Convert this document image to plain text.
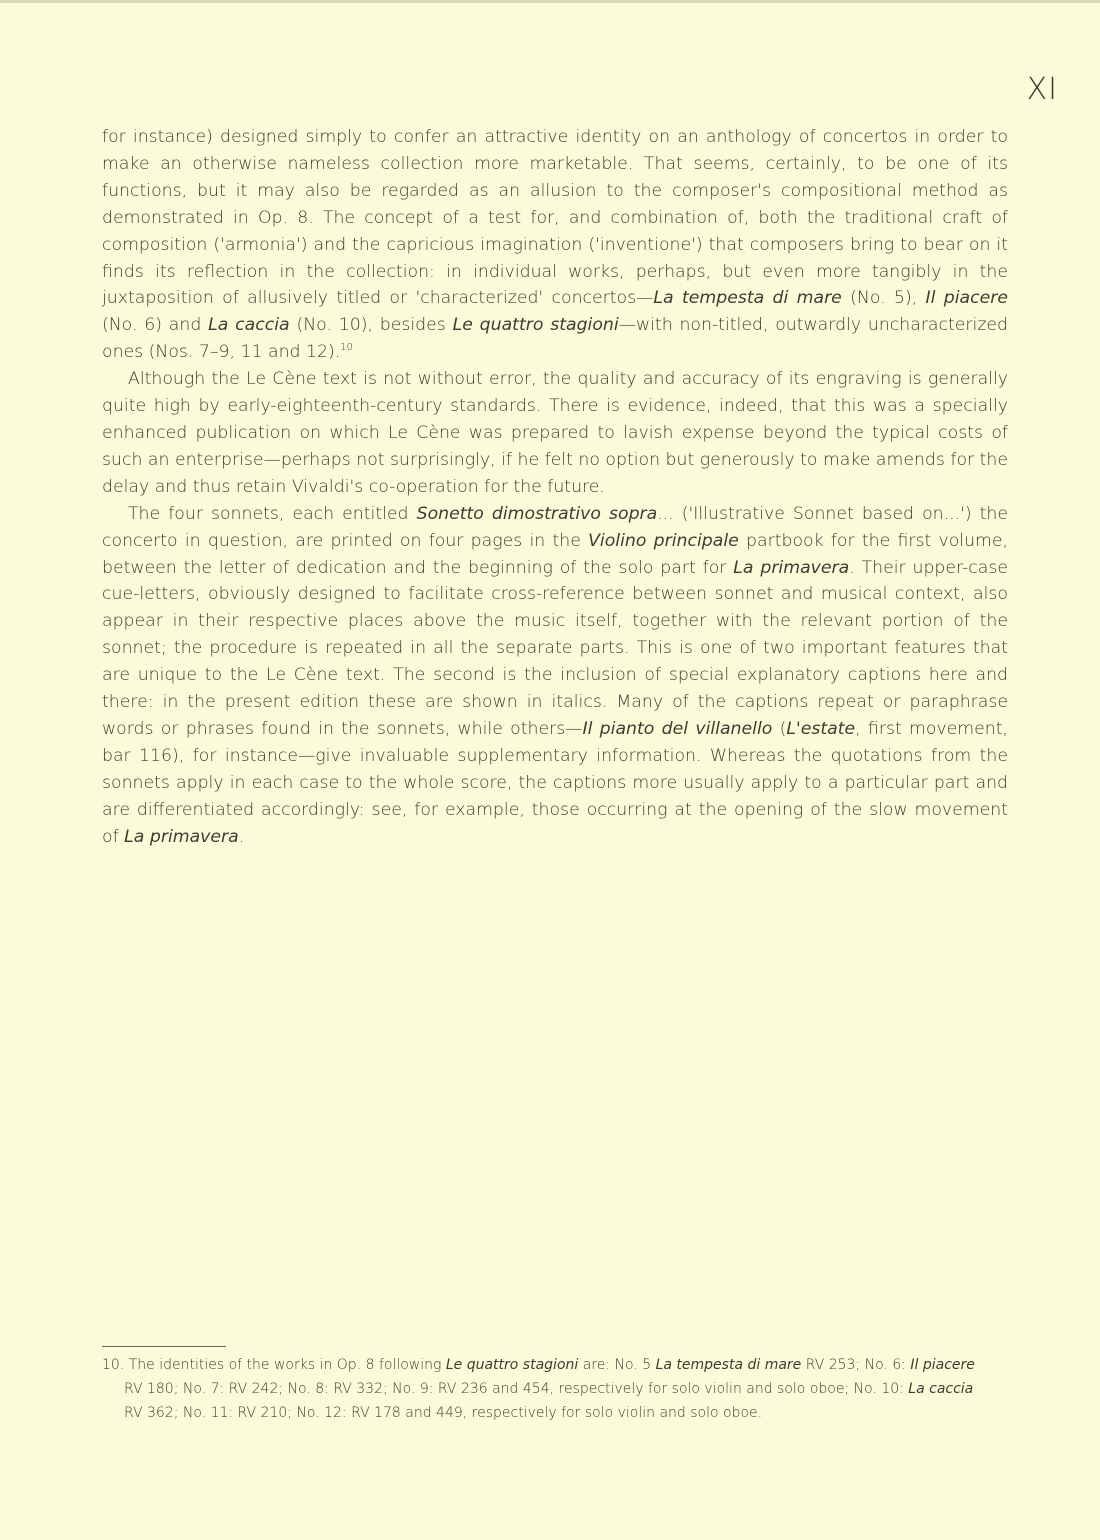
XI

for instance) designed simply to confer an attractive identity on an anthology of concertos in order to make an otherwise nameless collection more marketable. That seems, certainly, to be one of its functions, but it may also be regarded as an allusion to the composer's compositional method as demonstrated in Op. 8. The concept of a test for, and combination of, both the traditional craft of composition ('armonia') and the capricious imagination ('inventione') that composers bring to bear on it finds its reflection in the collection: in individual works, perhaps, but even more tangibly in the juxtaposition of allusively titled or 'characterized' concertos—La tempesta di mare (No. 5), Il piacere (No. 6) and La caccia (No. 10), besides Le quattro stagioni—with non-titled, outwardly uncharacterized ones (Nos. 7–9, 11 and 12).$^{10}$

Although the Le Cène text is not without error, the quality and accuracy of its engraving is generally quite high by early-eighteenth-century standards. There is evidence, indeed, that this was a specially enhanced publication on which Le Cène was prepared to lavish expense beyond the typical costs of such an enterprise—perhaps not surprisingly, if he felt no option but generously to make amends for the delay and thus retain Vivaldi's co-operation for the future.

The four sonnets, each entitled Sonetto dimostrativo sopra... ('Illustrative Sonnet based on...') the concerto in question, are printed on four pages in the Violino principale partbook for the first volume, between the letter of dedication and the beginning of the solo part for La primavera. Their upper-case cue-letters, obviously designed to facilitate cross-reference between sonnet and musical context, also appear in their respective places above the music itself, together with the relevant portion of the sonnet; the procedure is repeated in all the separate parts. This is one of two important features that are unique to the Le Cène text. The second is the inclusion of special explanatory captions here and there: in the present edition these are shown in italics. Many of the captions repeat or paraphrase words or phrases found in the sonnets, while others—Il pianto del villanello (L'estate, first movement, bar 116), for instance—give invaluable supplementary information. Whereas the quotations from the sonnets apply in each case to the whole score, the captions more usually apply to a particular part and are differentiated accordingly: see, for example, those occurring at the opening of the slow movement of La primavera.

10. The identities of the works in Op. 8 following Le quattro stagioni are: No. 5 La tempesta di mare RV 253; No. 6: Il piacere
RV 180; No. 7: RV 242; No. 8: RV 332; No. 9: RV 236 and 454, respectively for solo violin and solo oboe; No. 10: La caccia
RV 362; No. 11: RV 210; No. 12: RV 178 and 449, respectively for solo violin and solo oboe.
